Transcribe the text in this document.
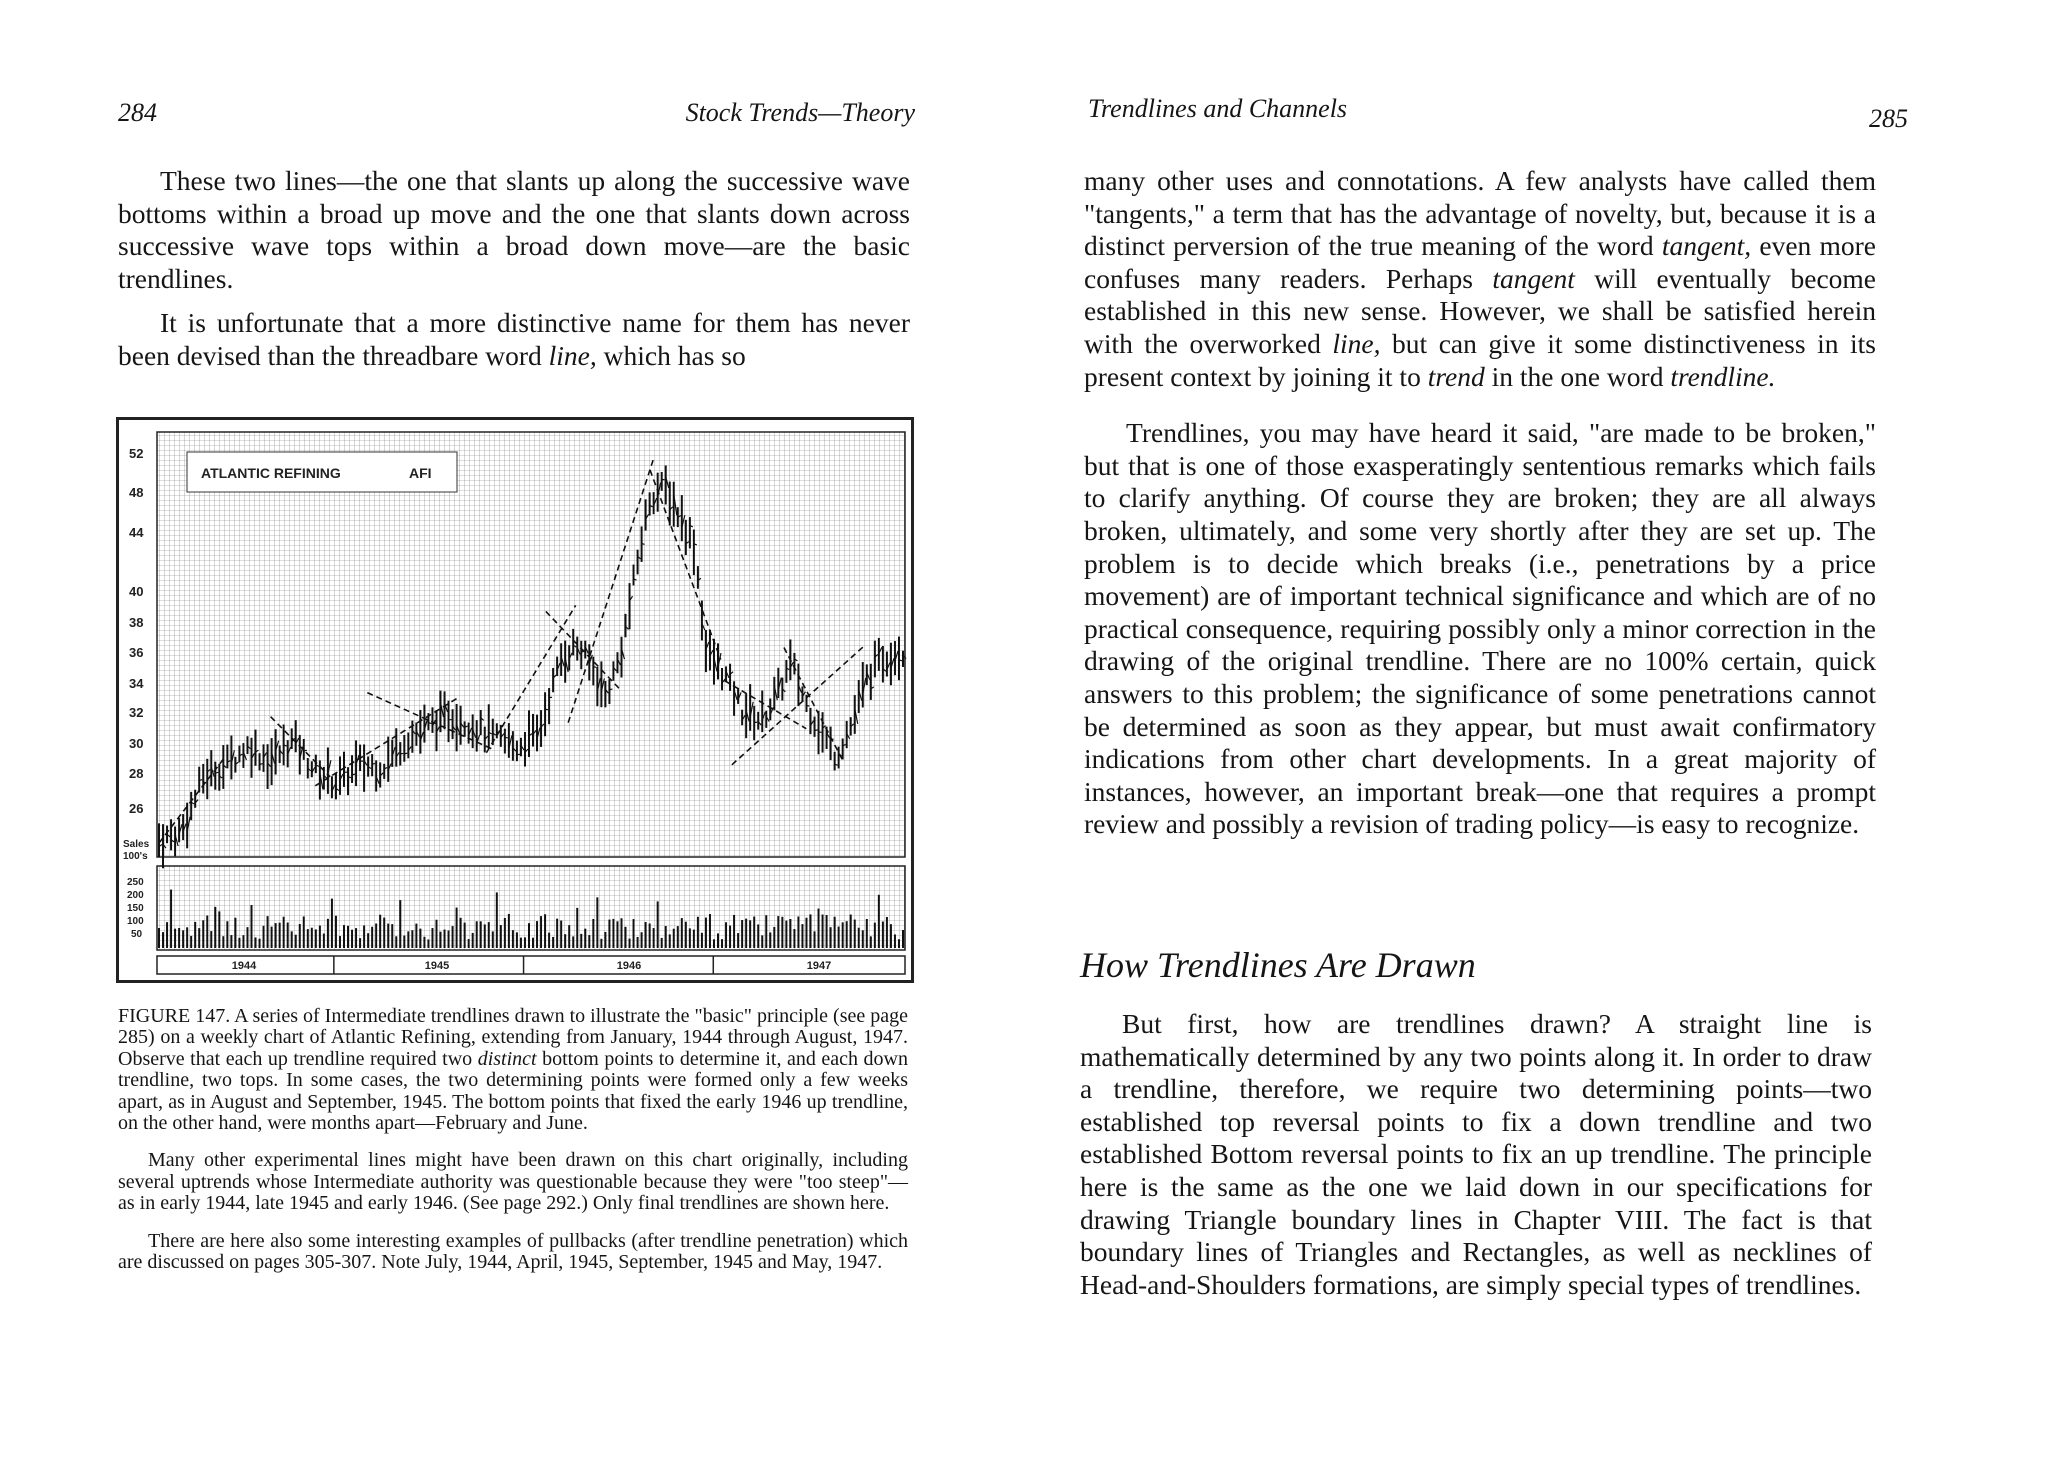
284	Stock Trends—Theory

These two lines—the one that slants up along the successive wave bottoms within a broad up move and the one that slants down across successive wave tops within a broad down move—are the basic trendlines.

It is unfortunate that a more distinctive name for them has never been devised than the threadbare word line, which has so

ATLANTIC REFINING	AFI
52
48
44
40
38
36
34
32
30
28
26
Sales
100's
250
200
150
100
50
1944	1945	1946	1947

FIGURE 147. A series of Intermediate trendlines drawn to illustrate the "basic" principle (see page 285) on a weekly chart of Atlantic Refining, extending from January, 1944 through August, 1947. Observe that each up trendline required two distinct bottom points to determine it, and each down trendline, two tops. In some cases, the two determining points were formed only a few weeks apart, as in August and September, 1945. The bottom points that fixed the early 1946 up trendline, on the other hand, were months apart—February and June.

Many other experimental lines might have been drawn on this chart originally, including several uptrends whose Intermediate authority was questionable because they were "too steep"—as in early 1944, late 1945 and early 1946. (See page 292.) Only final trendlines are shown here.

There are here also some interesting examples of pullbacks (after trendline penetration) which are discussed on pages 305-307. Note July, 1944, April, 1945, September, 1945 and May, 1947.

Trendlines and Channels	285

many other uses and connotations. A few analysts have called them "tangents," a term that has the advantage of novelty, but, because it is a distinct perversion of the true meaning of the word tangent, even more confuses many readers. Perhaps tangent will eventually become established in this new sense. However, we shall be satisfied herein with the overworked line, but can give it some distinctiveness in its present context by joining it to trend in the one word trendline.

Trendlines, you may have heard it said, "are made to be broken," but that is one of those exasperatingly sententious remarks which fails to clarify anything. Of course they are broken; they are all always broken, ultimately, and some very shortly after they are set up. The problem is to decide which breaks (i.e., penetrations by a price movement) are of important technical significance and which are of no practical consequence, requiring possibly only a minor correction in the drawing of the original trendline. There are no 100% certain, quick answers to this problem; the significance of some penetrations cannot be determined as soon as they appear, but must await confirmatory indications from other chart developments. In a great majority of instances, however, an important break—one that requires a prompt review and possibly a revision of trading policy—is easy to recognize.

How Trendlines Are Drawn

But first, how are trendlines drawn? A straight line is mathematically determined by any two points along it. In order to draw a trendline, therefore, we require two determining points—two established top reversal points to fix a down trendline and two established Bottom reversal points to fix an up trendline. The principle here is the same as the one we laid down in our specifications for drawing Triangle boundary lines in Chapter VIII. The fact is that boundary lines of Triangles and Rectangles, as well as necklines of Head-and-Shoulders formations, are simply special types of trendlines.
